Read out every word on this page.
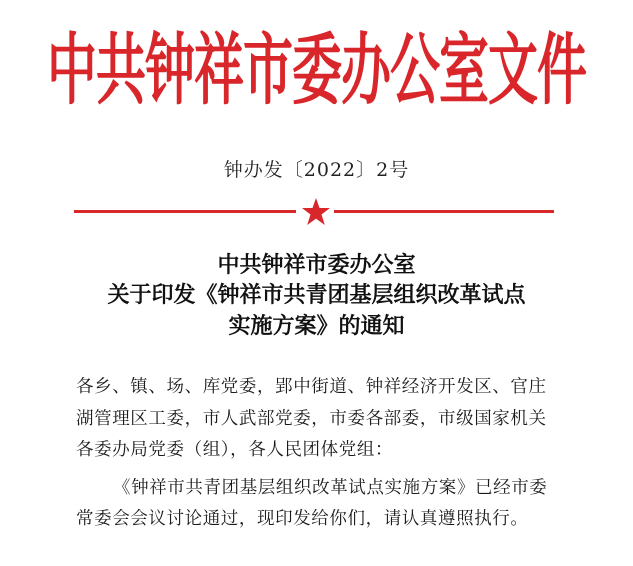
中共钟祥市委办公室文件
钟办发〔2022〕2号
中共钟祥市委办公室
关于印发《钟祥市共青团基层组织改革试点
实施方案》的通知
各乡、镇、场、库党委，郢中街道、钟祥经济开发区、官庄
湖管理区工委，市人武部党委，市委各部委，市级国家机关
各委办局党委（组），各人民团体党组：
《钟祥市共青团基层组织改革试点实施方案》已经市委
常委会会议讨论通过，现印发给你们，请认真遵照执行。
